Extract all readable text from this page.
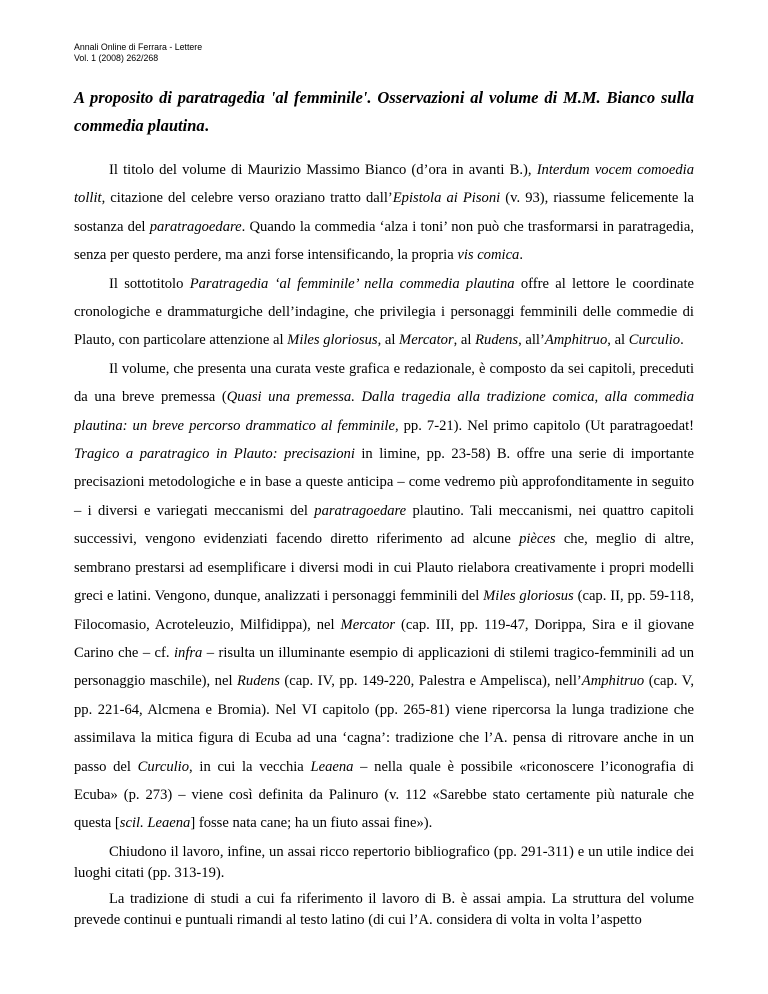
Annali Online di Ferrara - Lettere
Vol. 1 (2008) 262/268
A proposito di paratragedia 'al femminile'. Osservazioni al volume di M.M. Bianco sulla commedia plautina.

Il titolo del volume di Maurizio Massimo Bianco (d’ora in avanti B.), Interdum vocem comoedia tollit, citazione del celebre verso oraziano tratto dall’Epistola ai Pisoni (v. 93), riassume felicemente la sostanza del paratragoedare. Quando la commedia ‘alza i toni’ non può che trasformarsi in paratragedia, senza per questo perdere, ma anzi forse intensificando, la propria vis comica.

Il sottotitolo Paratragedia ‘al femminile’ nella commedia plautina offre al lettore le coordinate cronologiche e drammaturgiche dell’indagine, che privilegia i personaggi femminili delle commedie di Plauto, con particolare attenzione al Miles gloriosus, al Mercator, al Rudens, all’Amphitruo, al Curculio.

Il volume, che presenta una curata veste grafica e redazionale, è composto da sei capitoli, preceduti da una breve premessa (Quasi una premessa. Dalla tragedia alla tradizione comica, alla commedia plautina: un breve percorso drammatico al femminile, pp. 7-21). Nel primo capitolo (Ut paratragoedat! Tragico a paratragico in Plauto: precisazioni in limine, pp. 23-58) B. offre una serie di importante precisazioni metodologiche e in base a queste anticipa – come vedremo più approfonditamente in seguito – i diversi e variegati meccanismi del paratragoedare plautino. Tali meccanismi, nei quattro capitoli successivi, vengono evidenziati facendo diretto riferimento ad alcune pièces che, meglio di altre, sembrano prestarsi ad esemplificare i diversi modi in cui Plauto rielabora creativamente i propri modelli greci e latini. Vengono, dunque, analizzati i personaggi femminili del Miles gloriosus (cap. II, pp. 59-118, Filocomasio, Acroteleuzio, Milfidippa), nel Mercator (cap. III, pp. 119-47, Dorippa, Sira e il giovane Carino che – cf. infra – risulta un illuminante esempio di applicazioni di stilemi tragico-femminili ad un personaggio maschile), nel Rudens (cap. IV, pp. 149-220, Palestra e Ampelisca), nell’Amphitruo (cap. V, pp. 221-64, Alcmena e Bromia). Nel VI capitolo (pp. 265-81) viene ripercorsa la lunga tradizione che assimilava la mitica figura di Ecuba ad una ‘cagna’: tradizione che l’A. pensa di ritrovare anche in un passo del Curculio, in cui la vecchia Leaena – nella quale è possibile «riconoscere l’iconografia di Ecuba» (p. 273) – viene così definita da Palinuro (v. 112 «Sarebbe stato certamente più naturale che questa [scil. Leaena] fosse nata cane; ha un fiuto assai fine»).

Chiudono il lavoro, infine, un assai ricco repertorio bibliografico (pp. 291-311) e un utile indice dei luoghi citati (pp. 313-19).

La tradizione di studi a cui fa riferimento il lavoro di B. è assai ampia. La struttura del volume prevede continui e puntuali rimandi al testo latino (di cui l’A. considera di volta in volta l’aspetto
